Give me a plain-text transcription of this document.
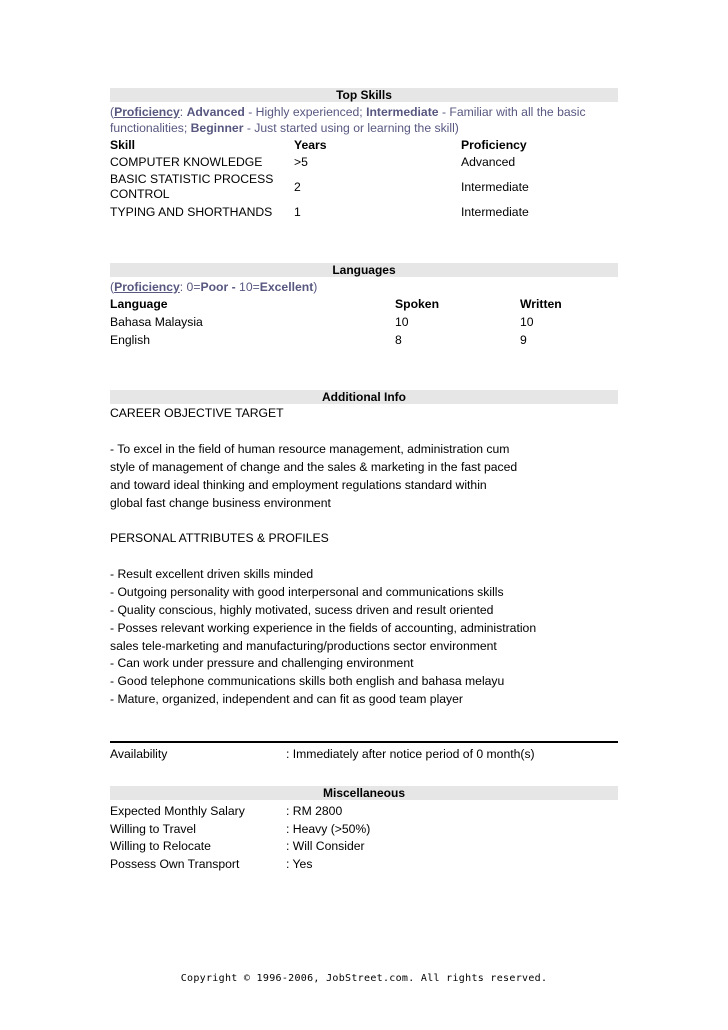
Top Skills
(Proficiency: Advanced - Highly experienced; Intermediate - Familiar with all the basic
functionalities; Beginner - Just started using or learning the skill)
Skill	Years	Proficiency
COMPUTER KNOWLEDGE	>5	Advanced
BASIC STATISTIC PROCESS
CONTROL	2	Intermediate
TYPING AND SHORTHANDS 1	Intermediate
Languages
(Proficiency: 0=Poor - 10=Excellent)
Language	Spoken	Written
Bahasa Malaysia	10	10
English	8	9
Additional Info
CAREER OBJECTIVE TARGET
- To excel in the field of human resource management, administration cum
style of management of change and the sales & marketing in the fast paced
and toward ideal thinking and employment regulations standard within
global fast change business environment
PERSONAL ATTRIBUTES & PROFILES
- Result excellent driven skills minded
- Outgoing personality with good interpersonal and communications skills
- Quality conscious, highly motivated, sucess driven and result oriented
- Posses relevant working experience in the fields of accounting, administration
sales tele-marketing and manufacturing/productions sector environment
- Can work under pressure and challenging environment
- Good telephone communications skills both english and bahasa melayu
- Mature, organized, independent and can fit as good team player
Availability	: Immediately after notice period of 0 month(s)
Miscellaneous
Expected Monthly Salary	: RM 2800
Willing to Travel	: Heavy (>50%)
Willing to Relocate	: Will Consider
Possess Own Transport	: Yes
Copyright © 1996-2006, JobStreet.com. All rights reserved.
